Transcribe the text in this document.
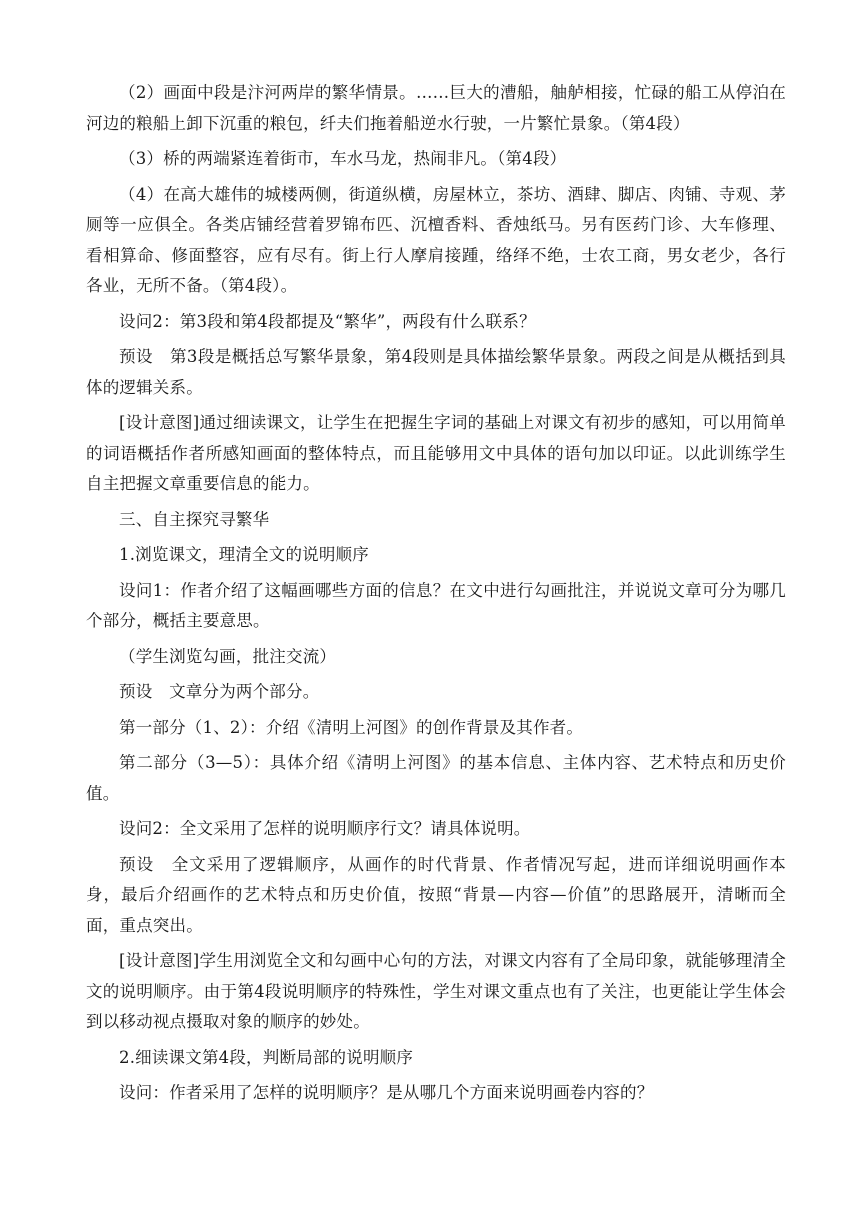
（2）画面中段是汴河两岸的繁华情景。……巨大的漕船，舳舻相接，忙碌的船工从停泊在河边的粮船上卸下沉重的粮包，纤夫们拖着船逆水行驶，一片繁忙景象。（第4段）

（3）桥的两端紧连着街市，车水马龙，热闹非凡。（第4段）

（4）在高大雄伟的城楼两侧，街道纵横，房屋林立，茶坊、酒肆、脚店、肉铺、寺观、茅厕等一应俱全。各类店铺经营着罗锦布匹、沉檀香料、香烛纸马。另有医药门诊、大车修理、看相算命、修面整容，应有尽有。街上行人摩肩接踵，络绎不绝，士农工商，男女老少，各行各业，无所不备。（第4段）。

设问2：第3段和第4段都提及“繁华”，两段有什么联系？

预设　第3段是概括总写繁华景象，第4段则是具体描绘繁华景象。两段之间是从概括到具体的逻辑关系。

[设计意图]通过细读课文，让学生在把握生字词的基础上对课文有初步的感知，可以用简单的词语概括作者所感知画面的整体特点，而且能够用文中具体的语句加以印证。以此训练学生自主把握文章重要信息的能力。

三、自主探究寻繁华

1.浏览课文，理清全文的说明顺序

设问1：作者介绍了这幅画哪些方面的信息？在文中进行勾画批注，并说说文章可分为哪几个部分，概括主要意思。

（学生浏览勾画，批注交流）

预设　文章分为两个部分。

第一部分（1、2）：介绍《清明上河图》的创作背景及其作者。

第二部分（3—5）：具体介绍《清明上河图》的基本信息、主体内容、艺术特点和历史价值。

设问2：全文采用了怎样的说明顺序行文？请具体说明。

预设　全文采用了逻辑顺序，从画作的时代背景、作者情况写起，进而详细说明画作本身，最后介绍画作的艺术特点和历史价值，按照“背景—内容—价值”的思路展开，清晰而全面，重点突出。

[设计意图]学生用浏览全文和勾画中心句的方法，对课文内容有了全局印象，就能够理清全文的说明顺序。由于第4段说明顺序的特殊性，学生对课文重点也有了关注，也更能让学生体会到以移动视点摄取对象的顺序的妙处。

2.细读课文第4段，判断局部的说明顺序

设问：作者采用了怎样的说明顺序？是从哪几个方面来说明画卷内容的？
